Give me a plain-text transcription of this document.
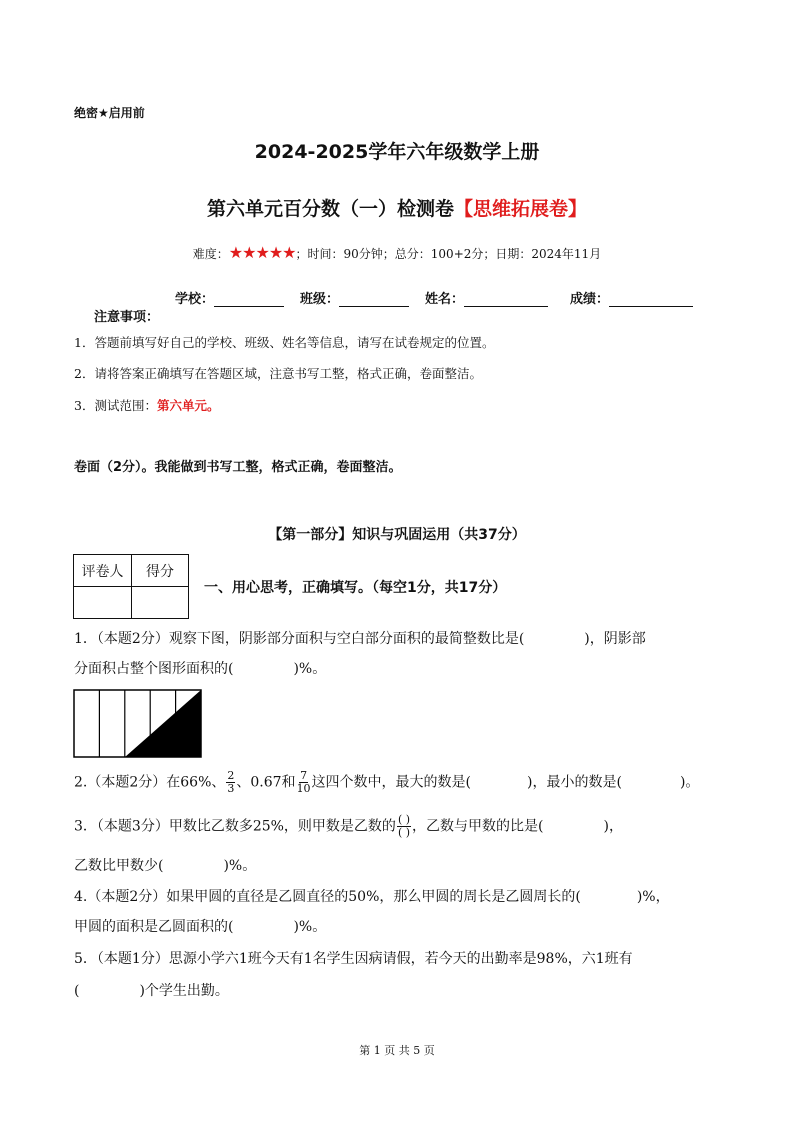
绝密★启用前
2024-2025学年六年级数学上册
第六单元百分数（一）检测卷【思维拓展卷】
难度：★★★★★；时间：90分钟；总分：100+2分；日期：2024年11月
学校：	班级：	姓名：	成绩：
注意事项：
1．答题前填写好自己的学校、班级、姓名等信息，请写在试卷规定的位置。
2．请将答案正确填写在答题区域，注意书写工整，格式正确，卷面整洁。
3．测试范围：第六单元。
卷面（2分）。我能做到书写工整，格式正确，卷面整洁。
【第一部分】知识与巩固运用（共37分）
评卷人	得分

一、用心思考，正确填写。（每空1分，共17分）
1．（本题2分）观察下图，阴影部分面积与空白部分面积的最简整数比是(	)，阴影部
分面积占整个图形面积的(	)%。
2.（本题2分）在66%、 $\frac{2}{3}$ 、0.67和 $\frac{7}{10}$ 这四个数中，最大的数是(	)，最小的数是(	)。
3．（本题3分）甲数比乙数多25%，则甲数是乙数的 $\frac{( )}{( )}$ ，乙数与甲数的比是(	)，
乙数比甲数少(	)%。
4.（本题2分）如果甲圆的直径是乙圆直径的50%，那么甲圆的周长是乙圆周长的(	)%，
甲圆的面积是乙圆面积的(	)%。
5．（本题1分）思源小学六1班今天有1名学生因病请假，若今天的出勤率是98%，六1班有
(	)个学生出勤。
第 1 页 共 5 页
